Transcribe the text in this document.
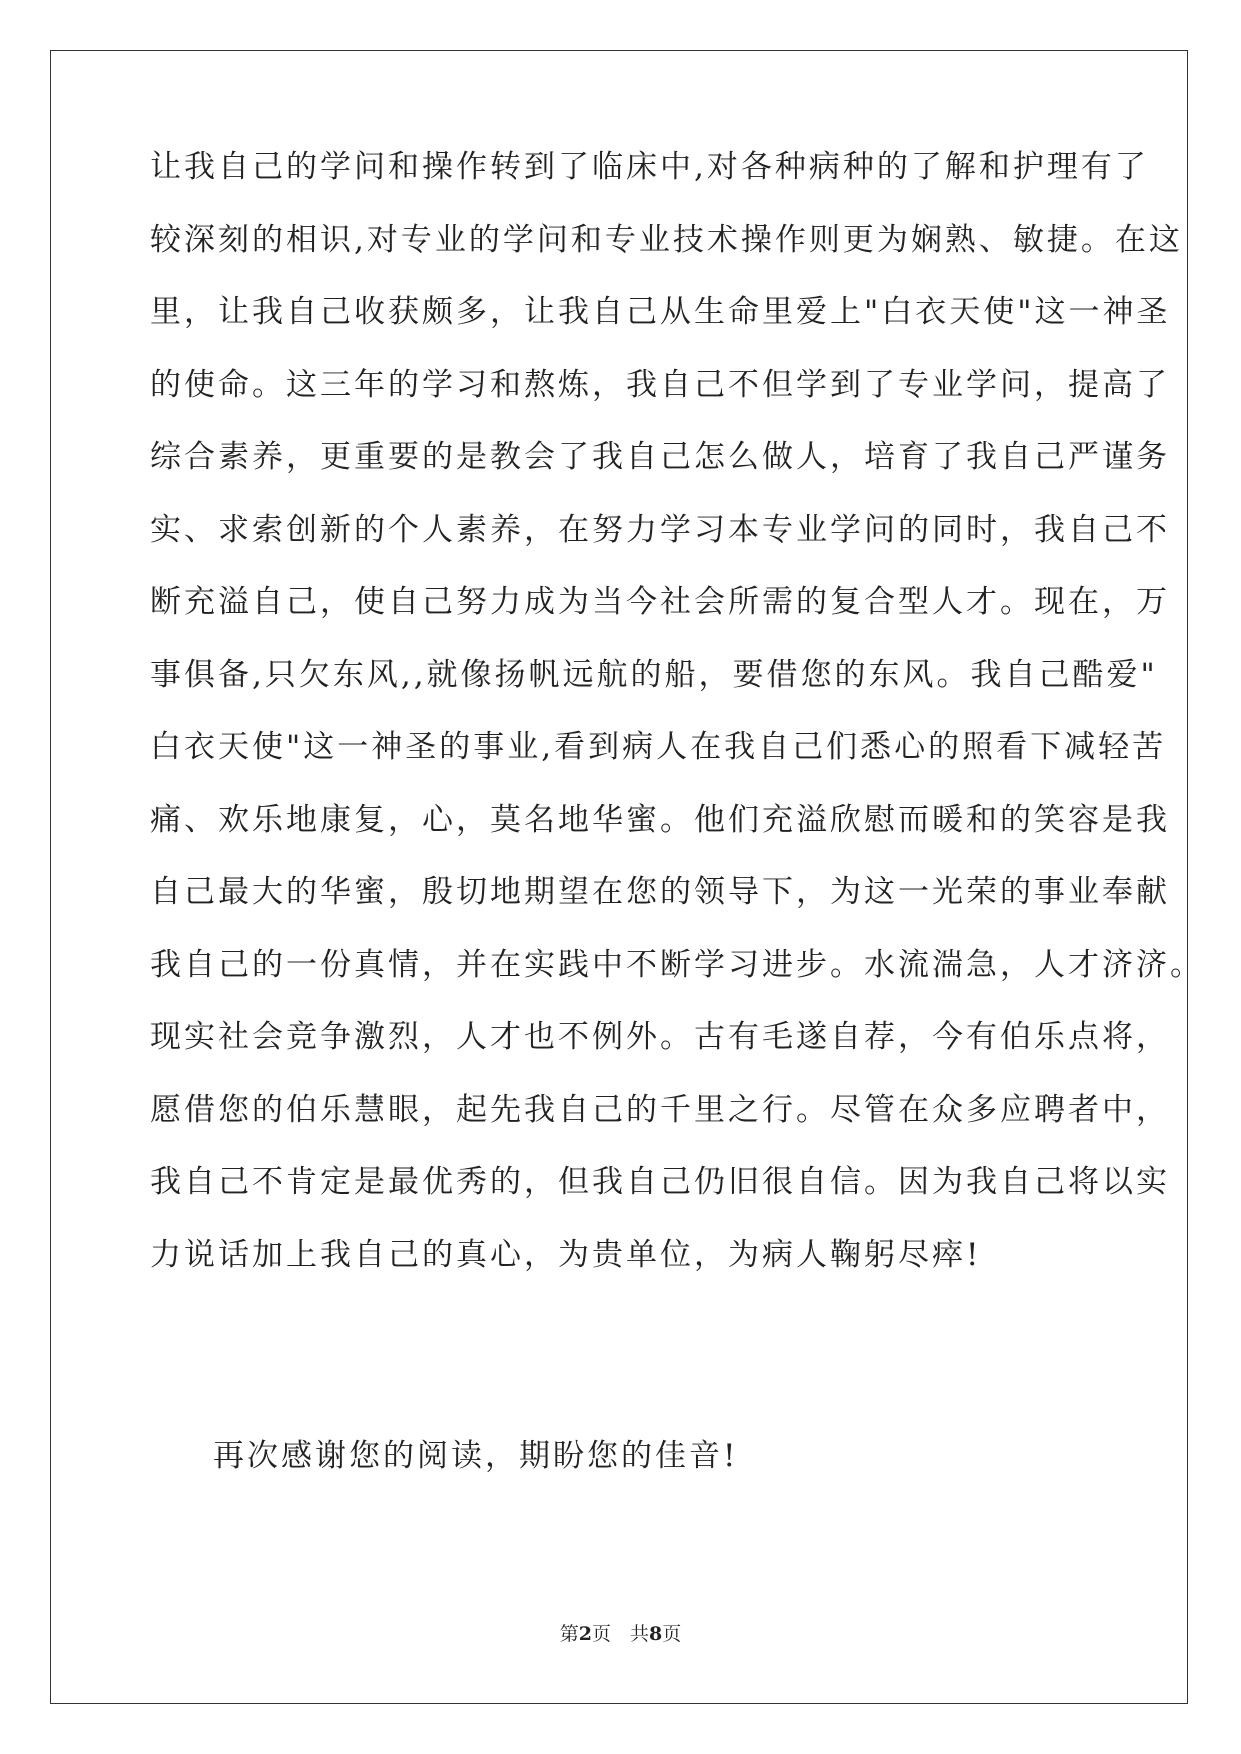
让我自己的学问和操作转到了临床中,对各种病种的了解和护理有了
较深刻的相识,对专业的学问和专业技术操作则更为娴熟、敏捷。在这
里，让我自己收获颇多，让我自己从生命里爱上"白衣天使"这一神圣
的使命。这三年的学习和熬炼，我自己不但学到了专业学问，提高了
综合素养，更重要的是教会了我自己怎么做人，培育了我自己严谨务
实、求索创新的个人素养，在努力学习本专业学问的同时，我自己不
断充溢自己，使自己努力成为当今社会所需的复合型人才。现在，万
事俱备,只欠东风,,就像扬帆远航的船，要借您的东风。我自己酷爱"
白衣天使"这一神圣的事业,看到病人在我自己们悉心的照看下减轻苦
痛、欢乐地康复，心，莫名地华蜜。他们充溢欣慰而暖和的笑容是我
自己最大的华蜜，殷切地期望在您的领导下，为这一光荣的事业奉献
我自己的一份真情，并在实践中不断学习进步。水流湍急，人才济济。
现实社会竞争激烈，人才也不例外。古有毛遂自荐，今有伯乐点将，
愿借您的伯乐慧眼，起先我自己的千里之行。尽管在众多应聘者中，
我自己不肯定是最优秀的，但我自己仍旧很自信。因为我自己将以实
力说话加上我自己的真心，为贵单位，为病人鞠躬尽瘁!
再次感谢您的阅读，期盼您的佳音!
第2页　 共8页
